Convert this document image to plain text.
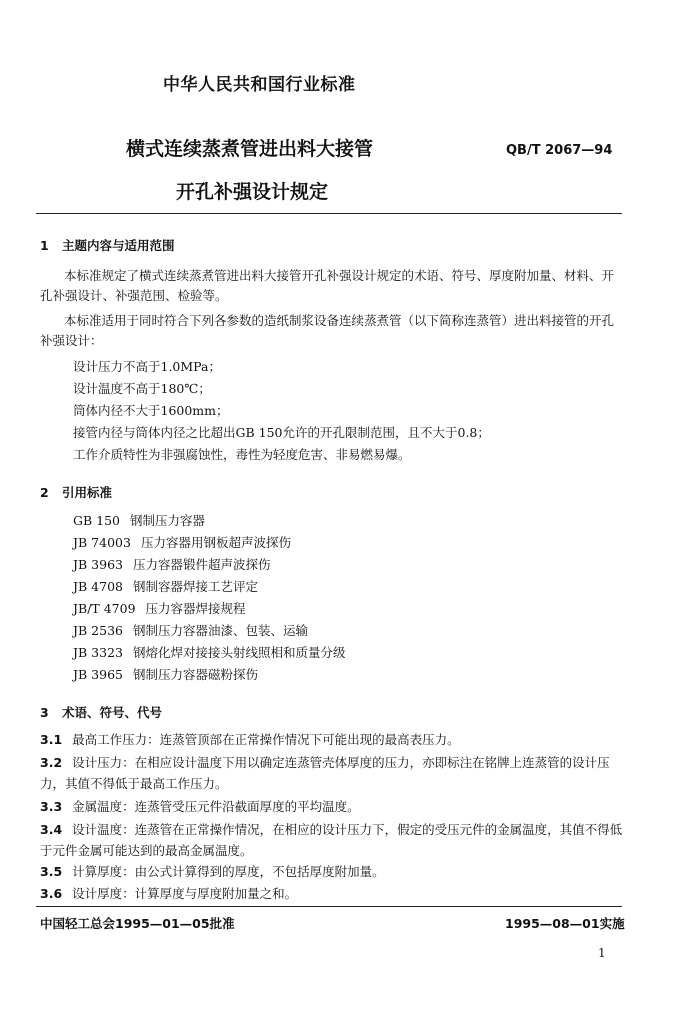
中华人民共和国行业标准
横式连续蒸煮管进出料大接管	QB/T 2067—94
开孔补强设计规定
1 主题内容与适用范围
本标准规定了横式连续蒸煮管进出料大接管开孔补强设计规定的术语、符号、厚度附加量、材料、开孔补强设计、补强范围、检验等。
本标准适用于同时符合下列各参数的造纸制浆设备连续蒸煮管（以下简称连蒸管）进出料接管的开孔补强设计：
设计压力不高于1.0MPa；
设计温度不高于180℃；
筒体内径不大于1600mm；
接管内径与筒体内径之比超出GB 150允许的开孔限制范围，且不大于0.8；
工作介质特性为非强腐蚀性，毒性为轻度危害、非易燃易爆。
2 引用标准
GB 150 钢制压力容器
JB 74003 压力容器用钢板超声波探伤
JB 3963 压力容器锻件超声波探伤
JB 4708 钢制容器焊接工艺评定
JB/T 4709 压力容器焊接规程
JB 2536 钢制压力容器油漆、包装、运输
JB 3323 钢熔化焊对接接头射线照相和质量分级
JB 3965 钢制压力容器磁粉探伤
3 术语、符号、代号
3.1 最高工作压力：连蒸管顶部在正常操作情况下可能出现的最高表压力。
3.2 设计压力：在相应设计温度下用以确定连蒸管壳体厚度的压力，亦即标注在铭牌上连蒸管的设计压力，其值不得低于最高工作压力。
3.3 金属温度：连蒸管受压元件沿截面厚度的平均温度。
3.4 设计温度：连蒸管在正常操作情况，在相应的设计压力下，假定的受压元件的金属温度，其值不得低于元件金属可能达到的最高金属温度。
3.5 计算厚度：由公式计算得到的厚度，不包括厚度附加量。
3.6 设计厚度：计算厚度与厚度附加量之和。
中国轻工总会1995—01—05批准	1995—08—01实施
1
